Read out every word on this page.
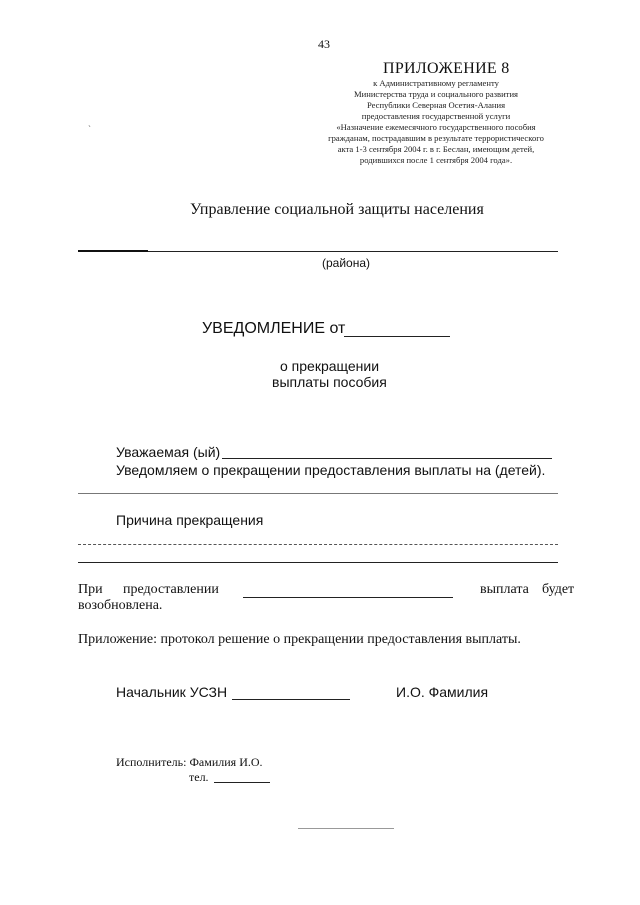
43
ПРИЛОЖЕНИЕ 8
к Административному регламенту
Министерства труда и социального развития
Республики Северная Осетия-Алания
предоставления государственной услуги
«Назначение ежемесячного государственного пособия
гражданам, пострадавшим в результате террористического
акта 1-3 сентября 2004 г. в г. Беслан, имеющим детей,
родившихся после 1 сентября 2004 года».
`
Управление социальной защиты населения
(района)
УВЕДОМЛЕНИЕ от
о прекращении
выплаты пособия
Уважаемая (ый)
Уведомляем о прекращении предоставления выплаты на (детей).
Причина прекращения
При предоставлении	выплата будет
возобновлена.
Приложение: протокол решение о прекращении предоставления выплаты.
Начальник УСЗН	И.О. Фамилия
Исполнитель: Фамилия И.О.
тел.
